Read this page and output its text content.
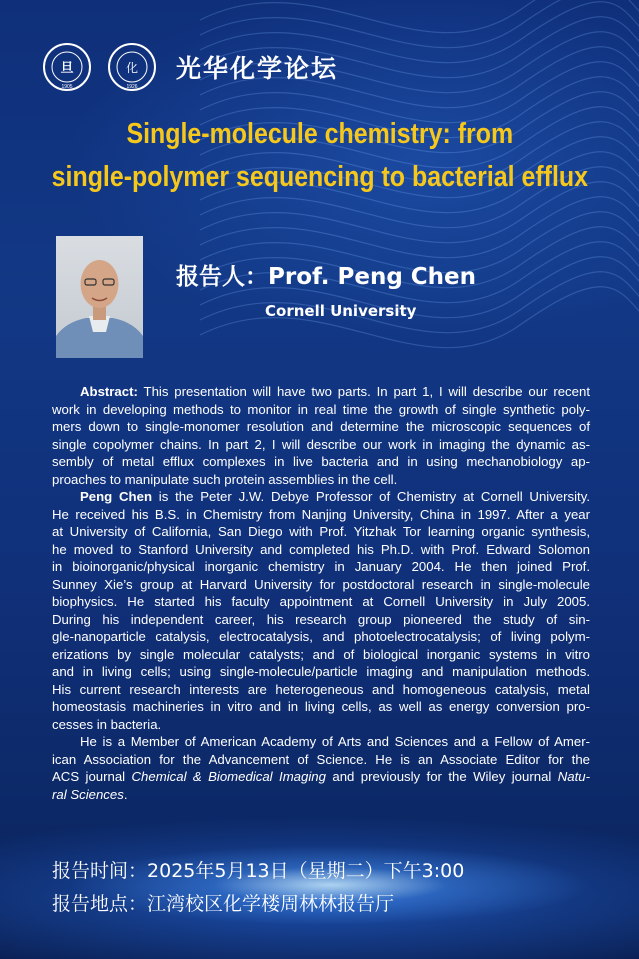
旦
1905
化
1926
光华化学论坛
Single-molecule chemistry: from
single-polymer sequencing to bacterial efflux
报告人：Prof. Peng Chen
Cornell University
Abstract: This presentation will have two parts. In part 1, I will describe our recent
work in developing methods to monitor in real time the growth of single synthetic poly-
mers down to single-monomer resolution and determine the microscopic sequences of
single copolymer chains. In part 2, I will describe our work in imaging the dynamic as-
sembly of metal efflux complexes in live bacteria and in using mechanobiology ap-
proaches to manipulate such protein assemblies in the cell.
Peng Chen is the Peter J.W. Debye Professor of Chemistry at Cornell University.
He received his B.S. in Chemistry from Nanjing University, China in 1997. After a year
at University of California, San Diego with Prof. Yitzhak Tor learning organic synthesis,
he moved to Stanford University and completed his Ph.D. with Prof. Edward Solomon
in bioinorganic/physical inorganic chemistry in January 2004. He then joined Prof.
Sunney Xie’s group at Harvard University for postdoctoral research in single-molecule
biophysics. He started his faculty appointment at Cornell University in July 2005.
During his independent career, his research group pioneered the study of sin-
gle-nanoparticle catalysis, electrocatalysis, and photoelectrocatalysis; of living polym-
erizations by single molecular catalysts; and of biological inorganic systems in vitro
and in living cells; using single-molecule/particle imaging and manipulation methods.
His current research interests are heterogeneous and homogeneous catalysis, metal
homeostasis machineries in vitro and in living cells, as well as energy conversion pro-
cesses in bacteria.
He is a Member of American Academy of Arts and Sciences and a Fellow of Amer-
ican Association for the Advancement of Science. He is an Associate Editor for the
ACS journal Chemical & Biomedical Imaging and previously for the Wiley journal Natu-
ral Sciences.
报告时间：2025年5月13日（星期二）下午3:00
报告地点：江湾校区化学楼周林林报告厅
